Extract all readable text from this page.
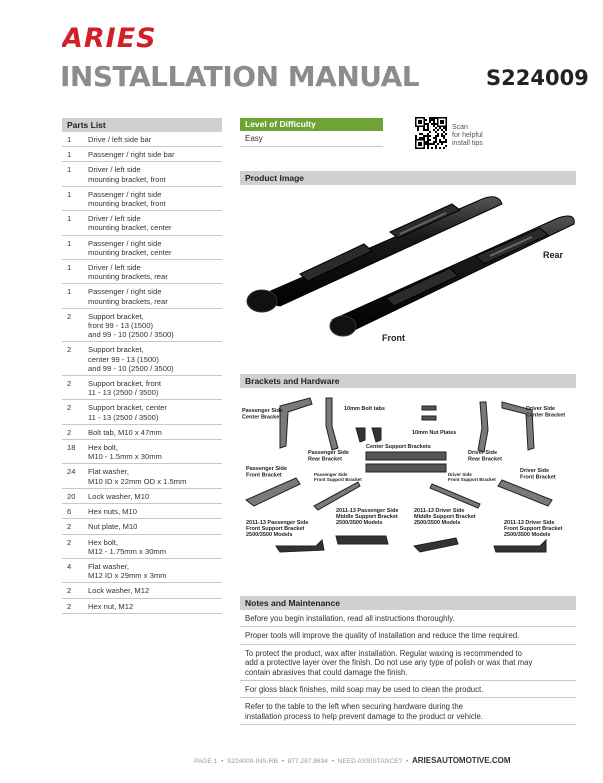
ARIES
INSTALLATION MANUAL	S224009
Parts List
1	Drive / left side bar
1	Passenger / right side bar
1	Driver / left side
mounting bracket, front
1	Passenger / right side
mounting bracket, front
1	Driver / left side
mounting bracket, center
1	Passenger / right side
mounting bracket, center
1	Driver / left side
mounting brackets, rear
1	Passenger / right side
mounting brackets, rear
2	Support bracket,
front 99 - 13 (1500)
and 99 - 10 (2500 / 3500)
2	Support bracket,
center 99 - 13 (1500)
and 99 - 10 (2500 / 3500)
2	Support bracket, front
11 - 13 (2500 / 3500)
2	Support bracket, center
11 - 13 (2500 / 3500)
2	Bolt tab, M10 x 47mm
18	Hex bolt,
M10 - 1.5mm x 30mm
24	Flat washer,
M10 ID x 22mm OD x 1.5mm
20	Lock washer, M10
6	Hex nuts, M10
2	Nut plate, M10
2	Hex bolt,
M12 - 1.75mm x 30mm
4	Flat washer,
M12 ID x 29mm x 3mm
2	Lock washer, M12
2	Hex nut, M12
Level of Difficulty
Easy
Scan
for helpful
install tips
Product Image
Rear
Front
Brackets and Hardware
Passenger Side Center Bracket
10mm Bolt tabs
10mm Nut Plates
Driver Side Center Bracket
Passenger Side Rear Bracket
Center Support Brackets
Driver Side Rear Bracket
Passenger Side Front Bracket
Driver Side Front Bracket
2011-13 Passenger Side Middle Support Bracket 2500/3500 Models
2011-13 Driver Side Middle Support Bracket 2500/3500 Models
2011-13 Passenger Side Front Support Bracket 2500/3500 Models
2011-13 Driver Side Front Support Bracket 2500/3500 Models
Passenger Side Front Support Bracket
Driver Side Front Support Bracket
Notes and Maintenance
Before you begin installation, read all instructions thoroughly.
Proper tools will improve the quality of installation and reduce the time required.
To protect the product, wax after installation. Regular waxing is recommended to
add a protective layer over the finish. Do not use any type of polish or wax that may
contain abrasives that could damage the finish.
For gloss black finishes, mild soap may be used to clean the product.
Refer to the table to the left when securing hardware during the
installation process to help prevent damage to the product or vehicle.
PAGE 1  •  S224009-INS-RB  •  877.287.8634  •  NEED ASSISTANCE?  •  ARIESAUTOMOTIVE.COM
